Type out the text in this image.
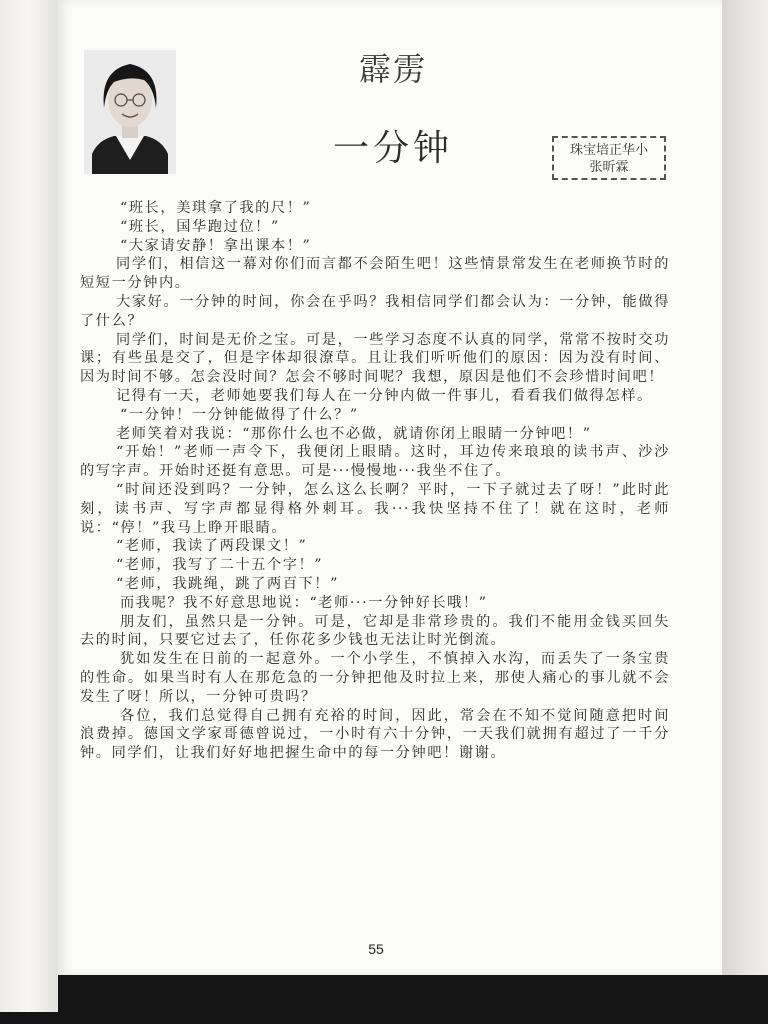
霹雳
一分钟	珠宝培正华小
张昕霖

“班长，美琪拿了我的尺！”

“班长，国华跑过位！”

“大家请安静！拿出课本！”

同学们，相信这一幕对你们而言都不会陌生吧！这些情景常发生在老师换节时的短短一分钟内。

大家好。一分钟的时间，你会在乎吗？我相信同学们都会认为：一分钟，能做得了什么？

同学们，时间是无价之宝。可是，一些学习态度不认真的同学，常常不按时交功课；有些虽是交了，但是字体却很潦草。且让我们听听他们的原因：因为没有时间、因为时间不够。怎会没时间？怎会不够时间呢？我想，原因是他们不会珍惜时间吧！

记得有一天，老师她要我们每人在一分钟内做一件事儿，看看我们做得怎样。

“一分钟！一分钟能做得了什么？”

老师笑着对我说：“那你什么也不必做，就请你闭上眼睛一分钟吧！”

“开始！”老师一声令下，我便闭上眼睛。这时，耳边传来琅琅的读书声、沙沙的写字声。开始时还挺有意思。可是···慢慢地···我坐不住了。

“时间还没到吗？一分钟，怎么这么长啊？平时，一下子就过去了呀！”此时此刻，读书声、写字声都显得格外刺耳。我···我快坚持不住了！就在这时，老师说：“停！”我马上睁开眼睛。

“老师，我读了两段课文！”

“老师，我写了二十五个字！”

“老师，我跳绳，跳了两百下！”

而我呢？我不好意思地说：“老师···一分钟好长哦！”

朋友们，虽然只是一分钟。可是，它却是非常珍贵的。我们不能用金钱买回失去的时间，只要它过去了，任你花多少钱也无法让时光倒流。

犹如发生在日前的一起意外。一个小学生，不慎掉入水沟，而丢失了一条宝贵的性命。如果当时有人在那危急的一分钟把他及时拉上来，那使人痛心的事儿就不会发生了呀！所以，一分钟可贵吗？

各位，我们总觉得自己拥有充裕的时间，因此，常会在不知不觉间随意把时间浪费掉。德国文学家哥德曾说过，一小时有六十分钟，一天我们就拥有超过了一千分钟。同学们，让我们好好地把握生命中的每一分钟吧！谢谢。

55
